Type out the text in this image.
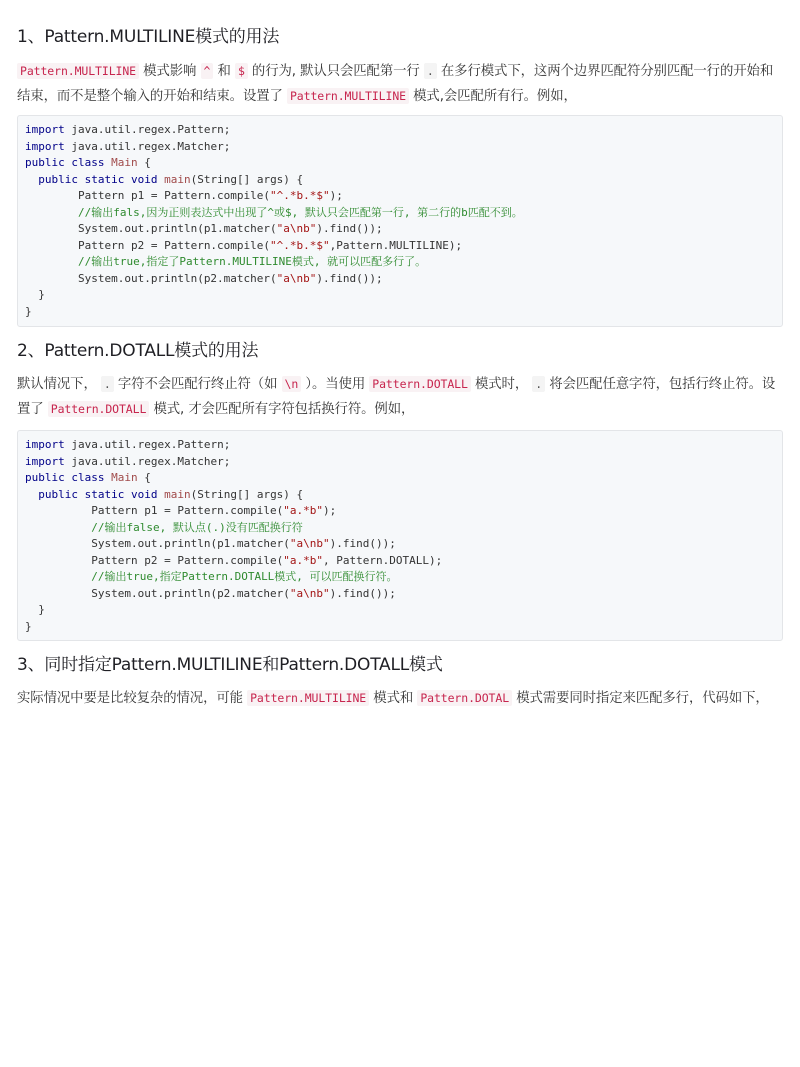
1、Pattern.MULTILINE模式的用法

Pattern.MULTILINE 模式影响 ^ 和 $ 的行为, 默认只会匹配第一行 . 在多行模式下，这两个边界匹配符分别匹配一行的开始和结束，而不是整个输入的开始和结束。设置了 Pattern.MULTILINE 模式,会匹配所有行。例如，

import java.util.regex.Pattern;
import java.util.regex.Matcher;
public class Main {
public static void main(String[] args) {
Pattern p1 = Pattern.compile("^.*b.*$");
//输出fals,因为正则表达式中出现了^或$, 默认只会匹配第一行, 第二行的b匹配不到。
System.out.println(p1.matcher("a\nb").find());
Pattern p2 = Pattern.compile("^.*b.*$",Pattern.MULTILINE);
//输出true,指定了Pattern.MULTILINE模式, 就可以匹配多行了。
System.out.println(p2.matcher("a\nb").find());
}
}
2、Pattern.DOTALL模式的用法

默认情况下， . 字符不会匹配行终止符（如 \n ）。当使用 Pattern.DOTALL 模式时， . 将会匹配任意字符，包括行终止符。设置了 Pattern.DOTALL 模式, 才会匹配所有字符包括换行符。例如，

import java.util.regex.Pattern;
import java.util.regex.Matcher;
public class Main {
public static void main(String[] args) {
Pattern p1 = Pattern.compile("a.*b");
//输出false, 默认点(.)没有匹配换行符
System.out.println(p1.matcher("a\nb").find());
Pattern p2 = Pattern.compile("a.*b", Pattern.DOTALL);
//输出true,指定Pattern.DOTALL模式, 可以匹配换行符。
System.out.println(p2.matcher("a\nb").find());
}
}
3、同时指定Pattern.MULTILINE和Pattern.DOTALL模式

实际情况中要是比较复杂的情况，可能 Pattern.MULTILINE 模式和 Pattern.DOTAL 模式需要同时指定来匹配多行，代码如下，
